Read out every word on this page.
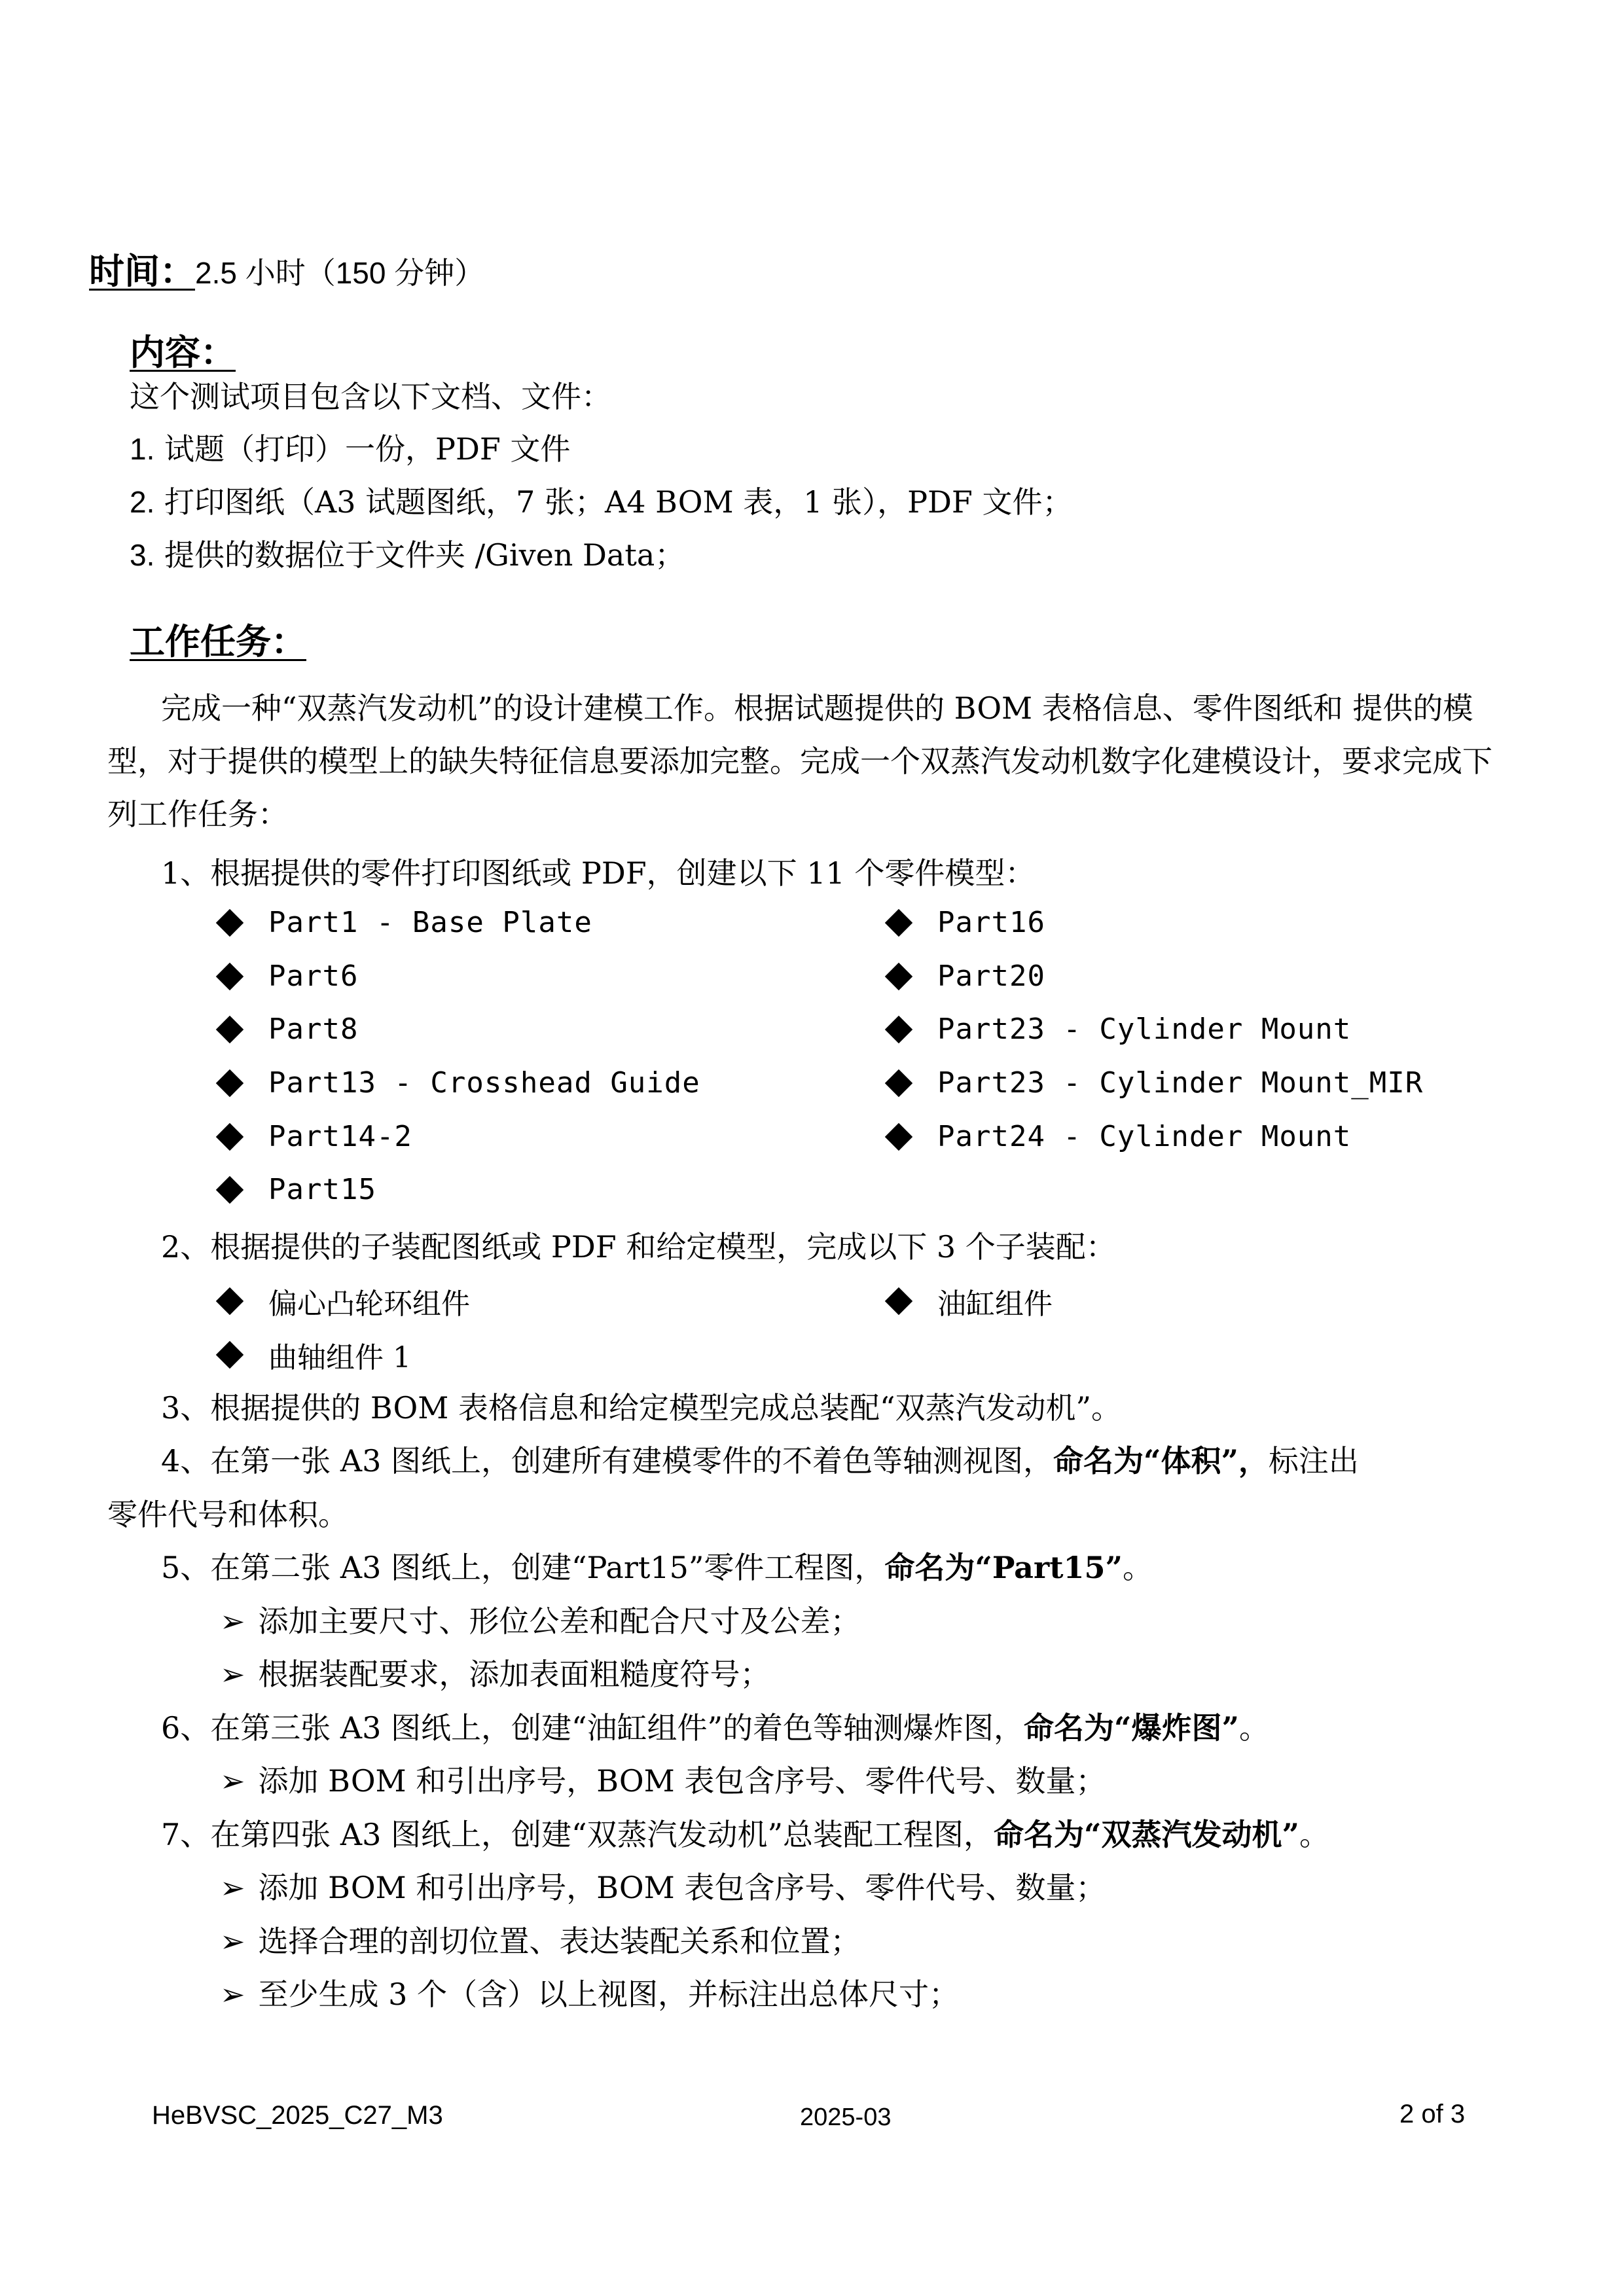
时间：2.5 小时（150 分钟）
内容：
这个测试项目包含以下文档、文件：
1. 试题（打印）一份，PDF 文件
2. 打印图纸（A3 试题图纸，7 张；A4 BOM 表，1 张），PDF 文件；
3. 提供的数据位于文件夹 /Given Data；
工作任务：
完成一种“双蒸汽发动机”的设计建模工作。根据试题提供的 BOM 表格信息、零件图纸和 提供的模型，对于提供的模型上的缺失特征信息要添加完整。完成一个双蒸汽发动机数字化建模设计，要求完成下列工作任务：
1、根据提供的零件打印图纸或 PDF，创建以下 11 个零件模型：
Part1 - Base Plate
Part6
Part8
Part13 - Crosshead Guide
Part14-2
Part15
Part16
Part20
Part23 - Cylinder Mount
Part23 - Cylinder Mount_MIR
Part24 - Cylinder Mount
2、根据提供的子装配图纸或 PDF 和给定模型，完成以下 3 个子装配：
偏心凸轮环组件
曲轴组件 1
油缸组件
3、根据提供的 BOM 表格信息和给定模型完成总装配“双蒸汽发动机”。
4、在第一张 A3 图纸上，创建所有建模零件的不着色等轴测视图，命名为“体积”，标注出
零件代号和体积。
5、在第二张 A3 图纸上，创建“Part15”零件工程图，命名为“Part15”。
➢ 添加主要尺寸、形位公差和配合尺寸及公差；
➢ 根据装配要求，添加表面粗糙度符号；
6、在第三张 A3 图纸上，创建“油缸组件”的着色等轴测爆炸图，命名为“爆炸图”。
➢ 添加 BOM 和引出序号，BOM 表包含序号、零件代号、数量；
7、在第四张 A3 图纸上，创建“双蒸汽发动机”总装配工程图，命名为“双蒸汽发动机”。
➢ 添加 BOM 和引出序号，BOM 表包含序号、零件代号、数量；
➢ 选择合理的剖切位置、表达装配关系和位置；
➢ 至少生成 3 个（含）以上视图，并标注出总体尺寸；
HeBVSC_2025_C27_M3	2025-03	2 of 3
